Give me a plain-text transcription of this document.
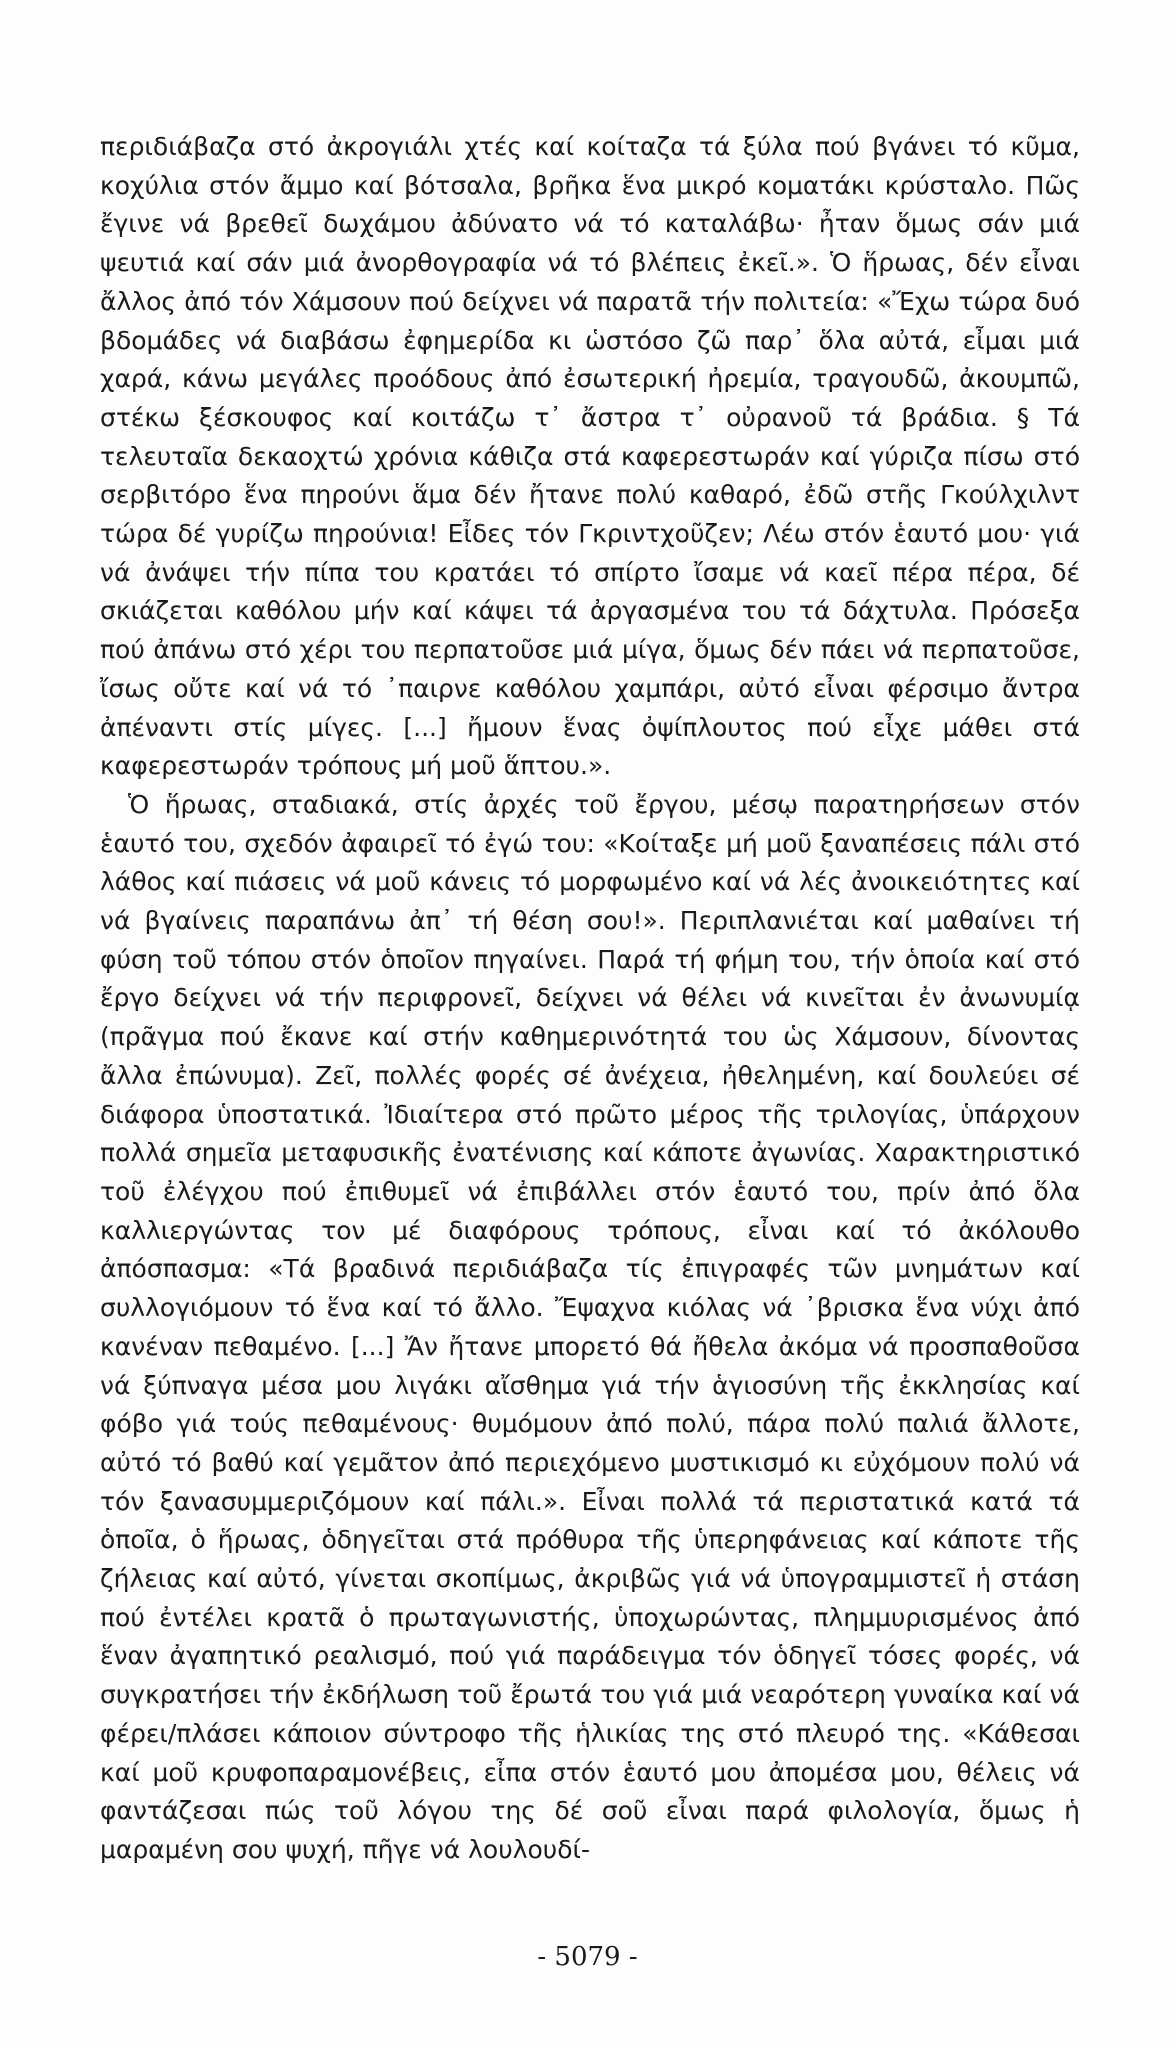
περιδιάβαζα στό ἀκρογιάλι χτές καί κοίταζα τά ξύλα πού βγάνει τό κῦμα, κοχύλια στόν ἄμμο καί βότσαλα, βρῆκα ἕνα μικρό κοματάκι κρύσταλο. Πῶς ἔγινε νά βρεθεῖ δωχάμου ἀδύνατο νά τό καταλάβω· ἦταν ὅμως σάν μιά ψευτιά καί σάν μιά ἀνορθογραφία νά τό βλέπεις ἐκεῖ.». Ὁ ἥρωας, δέν εἶναι ἄλλος ἀπό τόν Χάμσουν πού δείχνει νά παρατᾶ τήν πολιτεία: «Ἔχω τώρα δυό βδομάδες νά διαβάσω ἐφημερίδα κι ὡστόσο ζῶ παρ᾽ ὅλα αὐτά, εἶμαι μιά χαρά, κάνω μεγάλες προόδους ἀπό ἐσωτερική ἠρεμία, τραγουδῶ, ἀκουμπῶ, στέκω ξέσκουφος καί κοιτάζω τ᾽ ἄστρα τ᾽ οὐρανοῦ τά βράδια. § Τά τελευταῖα δεκαοχτώ χρόνια κάθιζα στά καφερεστωράν καί γύριζα πίσω στό σερβιτόρο ἕνα πηρούνι ἅμα δέν ἤτανε πολύ καθαρό, ἐδῶ στῆς Γκούλχιλντ τώρα δέ γυρίζω πηρούνια! Εἶδες τόν Γκριντχοῦζεν; Λέω στόν ἑαυτό μου· γιά νά ἀνάψει τήν πίπα του κρατάει τό σπίρτο ἴσαμε νά καεῖ πέρα πέρα, δέ σκιάζεται καθόλου μήν καί κάψει τά ἀργασμένα του τά δάχτυλα. Πρόσεξα πού ἀπάνω στό χέρι του περπατοῦσε μιά μίγα, ὅμως δέν πάει νά περπατοῦσε, ἴσως οὔτε καί νά τό ᾽παιρνε καθόλου χαμπάρι, αὐτό εἶναι φέρσιμο ἄντρα ἀπέναντι στίς μίγες. [...] ἤμουν ἕνας ὀψίπλουτος πού εἶχε μάθει στά καφερεστωράν τρόπους μή μοῦ ἅπτου.».

Ὁ ἥρωας, σταδιακά, στίς ἀρχές τοῦ ἔργου, μέσῳ παρατηρήσεων στόν ἑαυτό του, σχεδόν ἀφαιρεῖ τό ἐγώ του: «Κοίταξε μή μοῦ ξαναπέσεις πάλι στό λάθος καί πιάσεις νά μοῦ κάνεις τό μορφωμένο καί νά λές ἀνοικειότητες καί νά βγαίνεις παραπάνω ἀπ᾽ τή θέση σου!». Περιπλανιέται καί μαθαίνει τή φύση τοῦ τόπου στόν ὁποῖον πηγαίνει. Παρά τή φήμη του, τήν ὁποία καί στό ἔργο δείχνει νά τήν περιφρονεῖ, δείχνει νά θέλει νά κινεῖται ἐν ἀνωνυμίᾳ (πρᾶγμα πού ἔκανε καί στήν καθημερινότητά του ὡς Χάμσουν, δίνοντας ἄλλα ἐπώνυμα). Ζεῖ, πολλές φορές σέ ἀνέχεια, ἠθελημένη, καί δουλεύει σέ διάφορα ὑποστατικά. Ἰδιαίτερα στό πρῶτο μέρος τῆς τριλογίας, ὑπάρχουν πολλά σημεῖα μεταφυσικῆς ἐνατένισης καί κάποτε ἀγωνίας. Χαρακτηριστικό τοῦ ἐλέγχου πού ἐπιθυμεῖ νά ἐπιβάλλει στόν ἑαυτό του, πρίν ἀπό ὅλα καλλιεργώντας τον μέ διαφόρους τρόπους, εἶναι καί τό ἀκόλουθο ἀπόσπασμα: «Τά βραδινά περιδιάβαζα τίς ἐπιγραφές τῶν μνημάτων καί συλλογιόμουν τό ἕνα καί τό ἄλλο. Ἔψαχνα κιόλας νά ᾽βρισκα ἕνα νύχι ἀπό κανέναν πεθαμένο. [...] Ἄν ἤτανε μπορετό θά ἤθελα ἀκόμα νά προσπαθοῦσα νά ξύπναγα μέσα μου λιγάκι αἴσθημα γιά τήν ἁγιοσύνη τῆς ἐκκλησίας καί φόβο γιά τούς πεθαμένους· θυμόμουν ἀπό πολύ, πάρα πολύ παλιά ἄλλοτε, αὐτό τό βαθύ καί γεμᾶτον ἀπό περιεχόμενο μυστικισμό κι εὐχόμουν πολύ νά τόν ξανασυμμεριζόμουν καί πάλι.». Εἶναι πολλά τά περιστατικά κατά τά ὁποῖα, ὁ ἥρωας, ὁδηγεῖται στά πρόθυρα τῆς ὑπερηφάνειας καί κάποτε τῆς ζήλειας καί αὐτό, γίνεται σκοπίμως, ἀκριβῶς γιά νά ὑπογραμμιστεῖ ἡ στάση πού ἐντέλει κρατᾶ ὁ πρωταγωνιστής, ὑποχωρώντας, πλημμυρισμένος ἀπό ἕναν ἀγαπητικό ρεαλισμό, πού γιά παράδειγμα τόν ὁδηγεῖ τόσες φορές, νά συγκρατήσει τήν ἐκδήλωση τοῦ ἔρωτά του γιά μιά νεαρότερη γυναίκα καί νά φέρει/πλάσει κάποιον σύντροφο τῆς ἡλικίας της στό πλευρό της. «Κάθεσαι καί μοῦ κρυφοπαραμονέβεις, εἶπα στόν ἑαυτό μου ἀπομέσα μου, θέλεις νά φαντάζεσαι πώς τοῦ λόγου της δέ σοῦ εἶναι παρά φιλολογία, ὅμως ἡ μαραμένη σου ψυχή, πῆγε νά λουλουδί-

- 5079 -
